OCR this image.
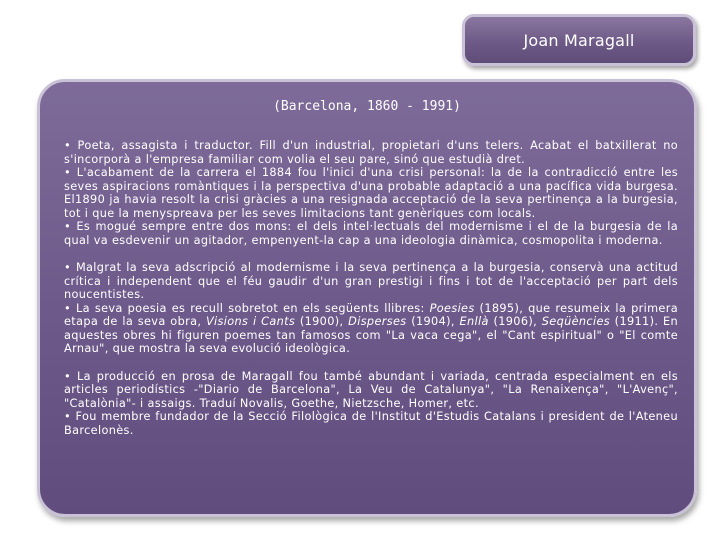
Joan Maragall
(Barcelona, 1860 - 1991)

• Poeta, assagista i traductor. Fill d'un industrial, propietari d'uns telers. Acabat el batxillerat no s'incorporà a l'empresa familiar com volia el seu pare, sinó que estudià dret.

• L'acabament de la carrera el 1884 fou l'inici d'una crisi personal: la de la contradicció entre les seves aspiracions romàntiques i la perspectiva d'una probable adaptació a una pacífica vida burgesa. El1890 ja havia resolt la crisi gràcies a una resignada acceptació de la seva pertinença a la burgesia, tot i que la menyspreava per les seves limitacions tant genèriques com locals.

• Es mogué sempre entre dos mons: el dels intel·lectuals del modernisme i el de la burgesia de la qual va esdevenir un agitador, empenyent-la cap a una ideologia dinàmica, cosmopolita i moderna.

• Malgrat la seva adscripció al modernisme i la seva pertinença a la burgesia, conservà una actitud crítica i independent que el féu gaudir d'un gran prestigi i fins i tot de l'acceptació per part dels noucentistes.

• La seva poesia es recull sobretot en els següents llibres: Poesies (1895), que resumeix la primera etapa de la seva obra, Visions i Cants (1900), Disperses (1904), Enllà (1906), Seqüències (1911). En aquestes obres hi figuren poemes tan famosos com "La vaca cega", el "Cant espiritual" o "El comte Arnau", que mostra la seva evolució ideològica.

• La producció en prosa de Maragall fou també abundant i variada, centrada especialment en els articles periodístics -"Diario de Barcelona", La Veu de Catalunya", "La Renaixença", "L'Avenç", "Catalònia"- i assaigs. Traduí Novalis, Goethe, Nietzsche, Homer, etc.

• Fou membre fundador de la Secció Filològica de l'Institut d'Estudis Catalans i president de l'Ateneu Barcelonès.
